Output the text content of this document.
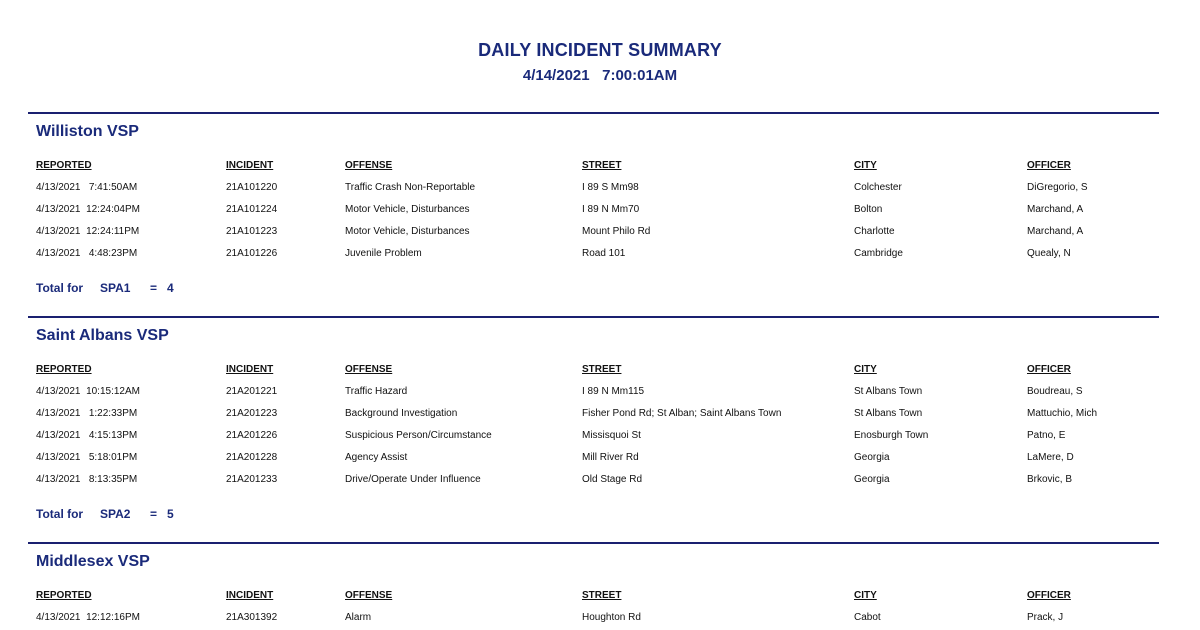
DAILY INCIDENT SUMMARY
4/14/2021 7:00:01AM
Williston VSP
REPORTED	INCIDENT	OFFENSE	STREET	CITY	OFFICER
4/13/2021 7:41:50AM	21A101220	Traffic Crash Non-Reportable	I 89 S Mm98	Colchester	DiGregorio, S
4/13/2021 12:24:04PM	21A101224	Motor Vehicle, Disturbances	I 89 N Mm70	Bolton	Marchand, A
4/13/2021 12:24:11PM	21A101223	Motor Vehicle, Disturbances	Mount Philo Rd	Charlotte	Marchand, A
4/13/2021 4:48:23PM	21A101226	Juvenile Problem	Road 101	Cambridge	Quealy, N
Total for SPA1 = 4
Saint Albans VSP
REPORTED	INCIDENT	OFFENSE	STREET	CITY	OFFICER
4/13/2021 10:15:12AM	21A201221	Traffic Hazard	I 89 N Mm115	St Albans Town	Boudreau, S
4/13/2021 1:22:33PM	21A201223	Background Investigation	Fisher Pond Rd; St Alban; Saint Albans Town	St Albans Town	Mattuchio, Mich
4/13/2021 4:15:13PM	21A201226	Suspicious Person/Circumstance	Missisquoi St	Enosburgh Town	Patno, E
4/13/2021 5:18:01PM	21A201228	Agency Assist	Mill River Rd	Georgia	LaMere, D
4/13/2021 8:13:35PM	21A201233	Drive/Operate Under Influence	Old Stage Rd	Georgia	Brkovic, B
Total for SPA2 = 5
Middlesex VSP
REPORTED	INCIDENT	OFFENSE	STREET	CITY	OFFICER
4/13/2021 12:12:16PM	21A301392	Alarm	Houghton Rd	Cabot	Prack, J
